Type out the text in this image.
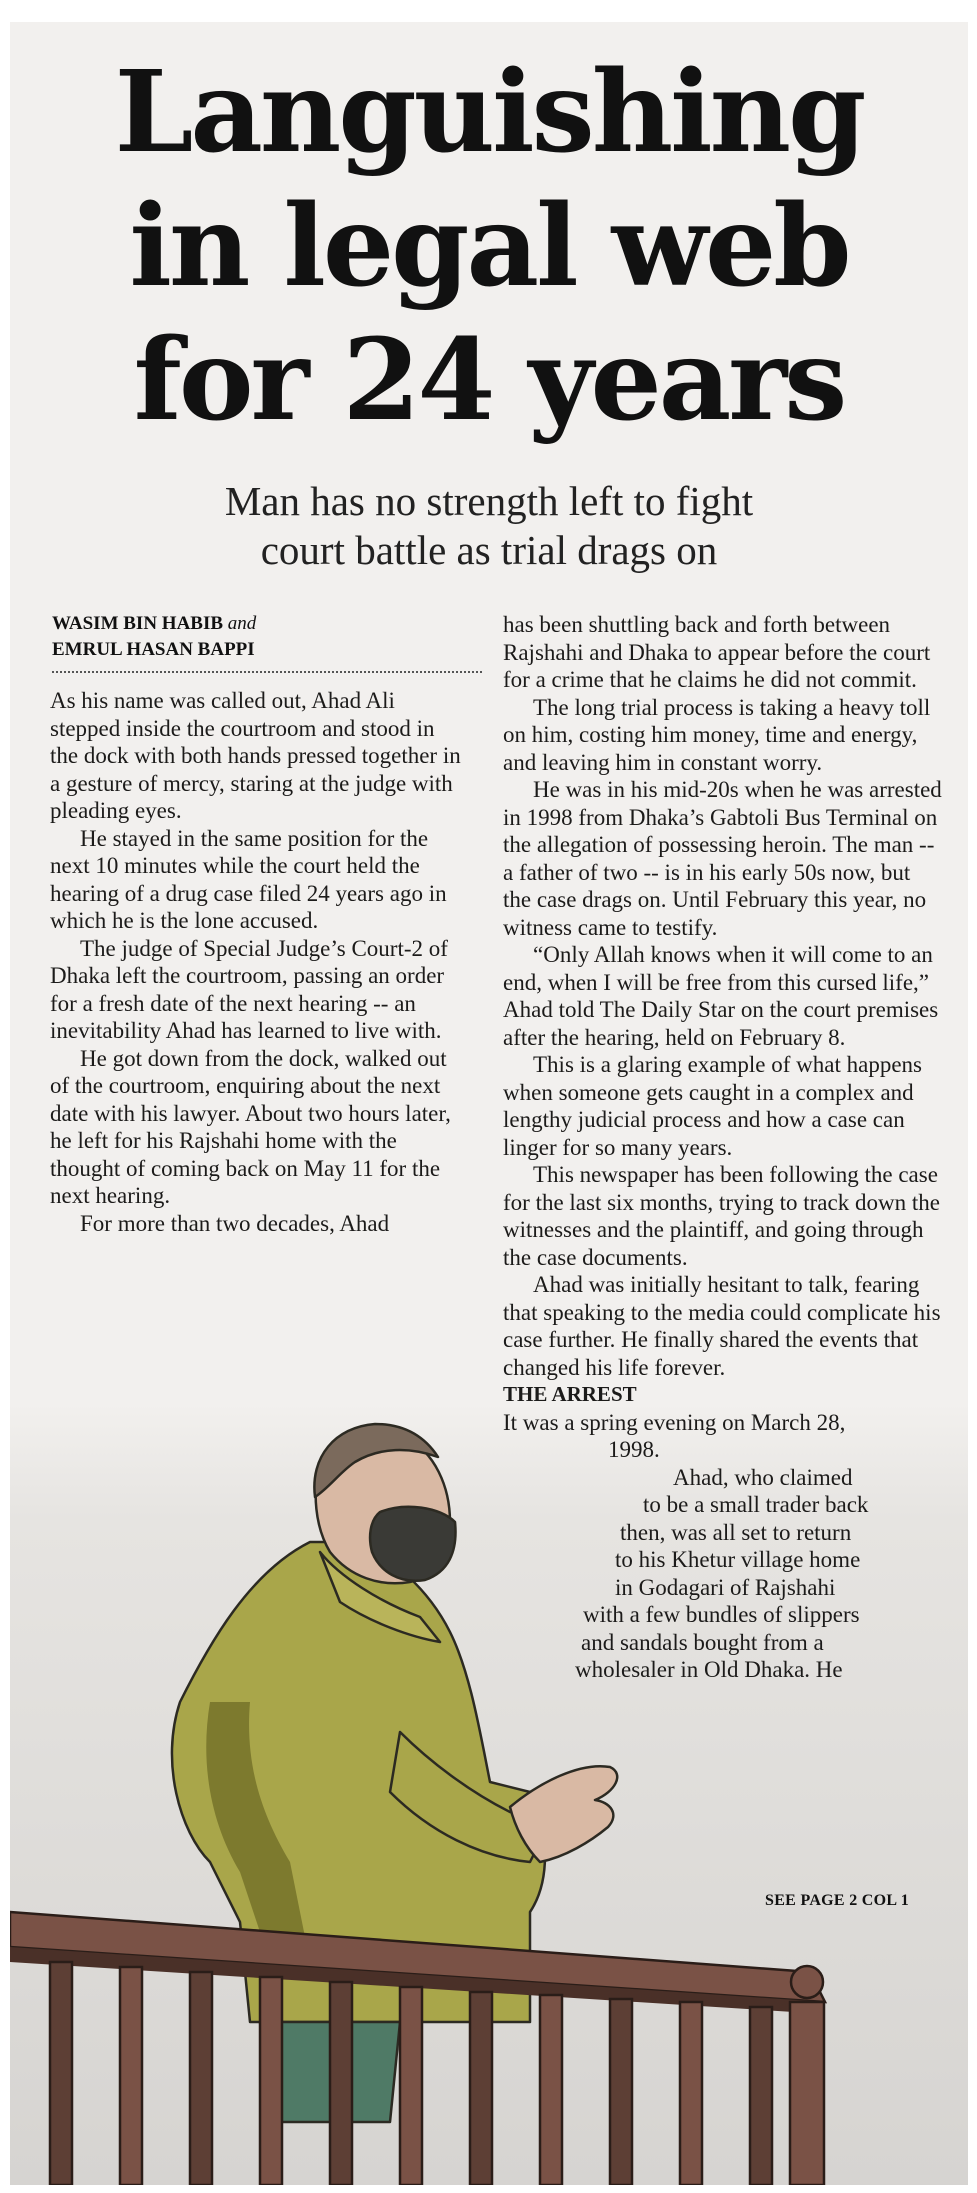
Languishing
in legal web
for 24 years
Man has no strength left to fight
court battle as trial drags on
WASIM BIN HABIB and
EMRUL HASAN BAPPI

As his name was called out, Ahad Ali stepped inside the courtroom and stood in the dock with both hands pressed together in a gesture of mercy, staring at the judge with pleading eyes.

He stayed in the same position for the next 10 minutes while the court held the hearing of a drug case filed 24 years ago in which he is the lone accused.

The judge of Special Judge’s Court-2 of Dhaka left the courtroom, passing an order for a fresh date of the next hearing -- an inevitability Ahad has learned to live with.

He got down from the dock, walked out of the courtroom, enquiring about the next date with his lawyer. About two hours later, he left for his Rajshahi home with the thought of coming back on May 11 for the next hearing.

For more than two decades, Ahad

has been shuttling back and forth between Rajshahi and Dhaka to appear before the court for a crime that he claims he did not commit.

The long trial process is taking a heavy toll on him, costing him money, time and energy, and leaving him in constant worry.

He was in his mid-20s when he was arrested in 1998 from Dhaka’s Gabtoli Bus Terminal on the allegation of possessing heroin. The man -- a father of two -- is in his early 50s now, but the case drags on. Until February this year, no witness came to testify.

“Only Allah knows when it will come to an end, when I will be free from this cursed life,” Ahad told The Daily Star on the court premises after the hearing, held on February 8.

This is a glaring example of what happens when someone gets caught in a complex and lengthy judicial process and how a case can linger for so many years.

This newspaper has been following the case for the last six months, trying to track down the witnesses and the plaintiff, and going through the case documents.

Ahad was initially hesitant to talk, fearing that speaking to the media could complicate his case further. He finally shared the events that changed his life forever.

THE ARREST
It was a spring evening on March 28,
1998.
Ahad, who claimed
to be a small trader back
then, was all set to return
to his Khetur village home
in Godagari of Rajshahi
with a few bundles of slippers
and sandals bought from a
wholesaler in Old Dhaka. He
SEE PAGE 2 COL 1
